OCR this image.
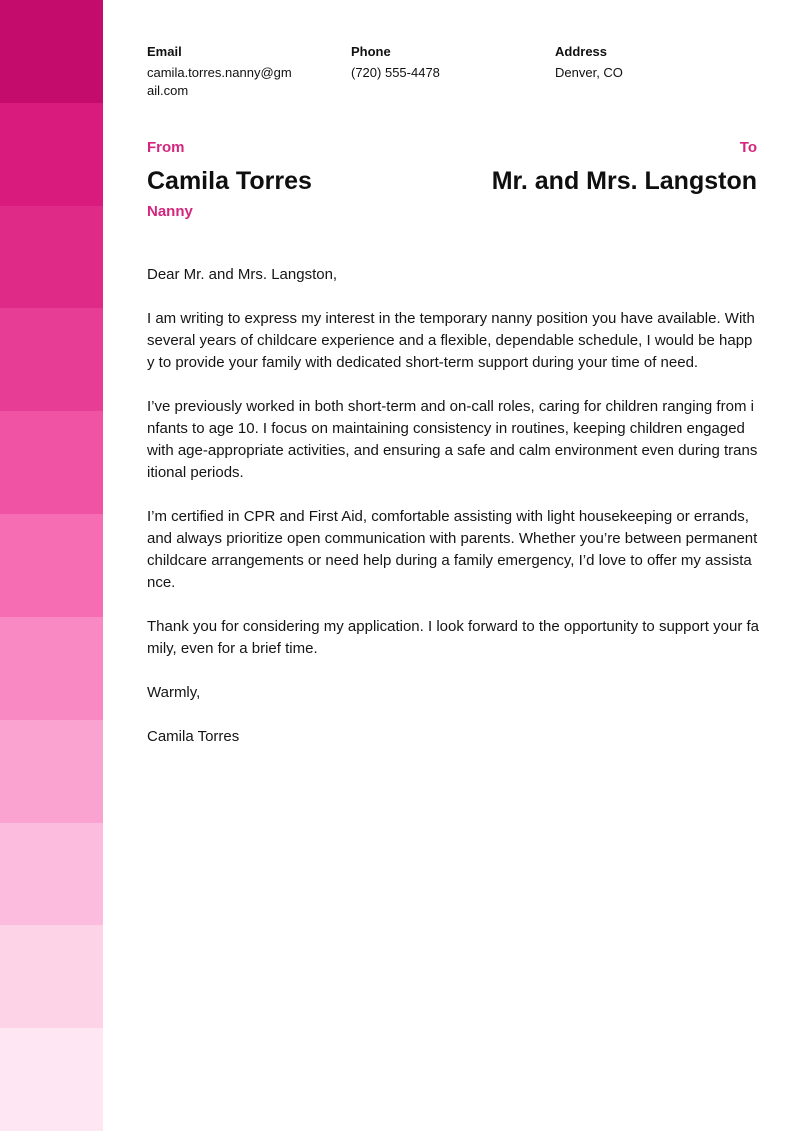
Email
camila.torres.nanny@gmail.com
Phone
(720) 555-4478
Address
Denver, CO
From	To
Camila Torres	Mr. and Mrs. Langston
Nanny

Dear Mr. and Mrs. Langston,

I am writing to express my interest in the temporary nanny position you have available. With several years of childcare experience and a flexible, dependable schedule, I would be happy to provide your family with dedicated short-term support during your time of need.

I’ve previously worked in both short-term and on-call roles, caring for children ranging from infants to age 10. I focus on maintaining consistency in routines, keeping children engaged with age-appropriate activities, and ensuring a safe and calm environment even during transitional periods.

I’m certified in CPR and First Aid, comfortable assisting with light housekeeping or errands, and always prioritize open communication with parents. Whether you’re between permanent childcare arrangements or need help during a family emergency, I’d love to offer my assistance.

Thank you for considering my application. I look forward to the opportunity to support your family, even for a brief time.

Warmly,

Camila Torres
